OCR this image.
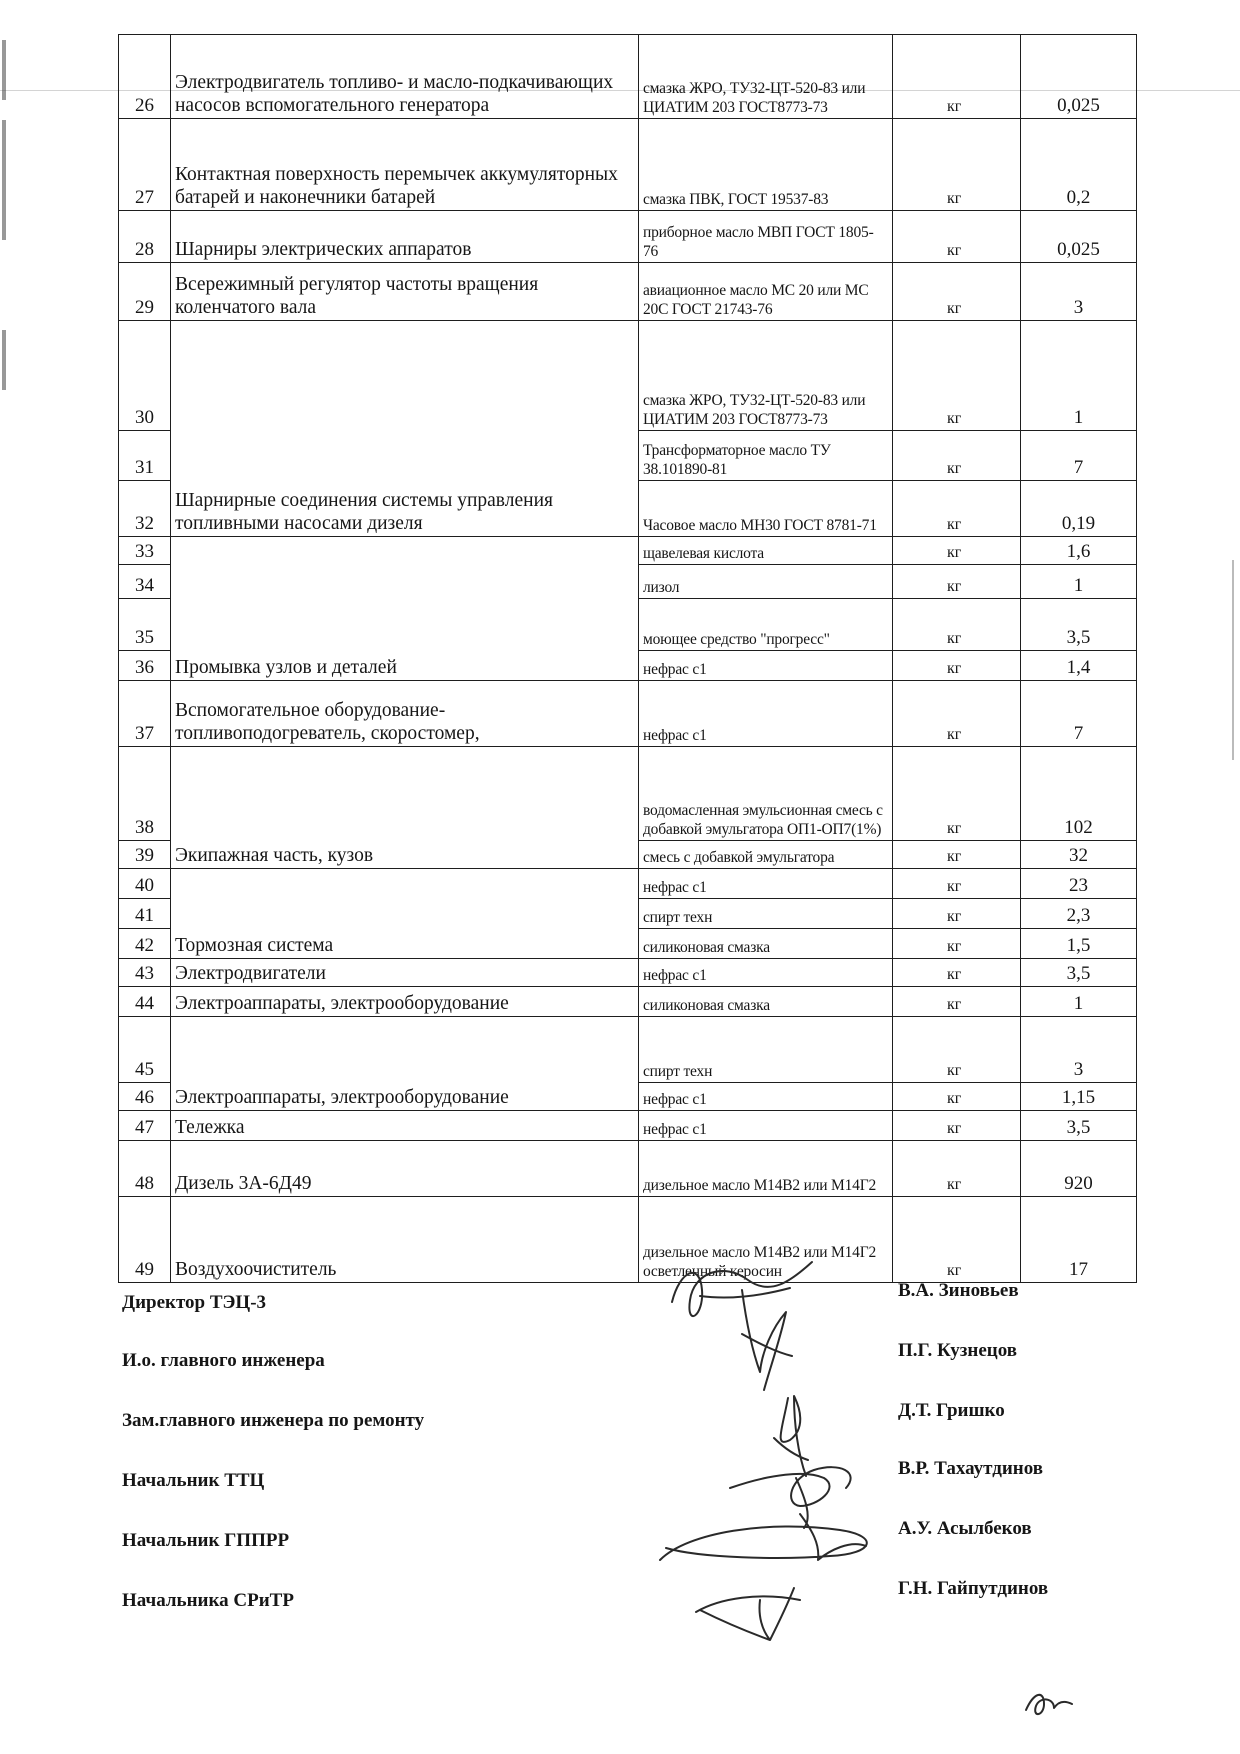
26	Электродвигатель топливо- и масло-подкачивающих насосов вспомогательного генератора	смазка ЖРО, ТУ32-ЦТ-520-83 или ЦИАТИМ 203 ГОСТ8773-73	кг	0,025
27	Контактная поверхность перемычек аккумуляторных батарей и наконечники батарей	смазка ПВК, ГОСТ 19537-83	кг	0,2
28	Шарниры электрических аппаратов	приборное масло МВП ГОСТ 1805-76	кг	0,025
29	Всережимный регулятор частоты вращения коленчатого вала	авиационное масло МС 20 или МС 20С ГОСТ 21743-76	кг	3
30	Шарнирные соединения системы управления топливными насосами дизеля	смазка ЖРО, ТУ32-ЦТ-520-83 или ЦИАТИМ 203 ГОСТ8773-73	кг	1
31		Трансформаторное масло ТУ 38.101890-81	кг	7
32		Часовое масло МН30 ГОСТ 8781-71	кг	0,19
33	Промывка узлов и деталей	щавелевая кислота	кг	1,6
34		лизол	кг	1
35		моющее средство "прогресс"	кг	3,5
36		нефрас с1	кг	1,4
37	Вспомогательное оборудование-топливоподогреватель, скоростомер,	нефрас с1	кг	7
38	Экипажная часть, кузов	водомасленная эмульсионная смесь с добавкой эмульгатора ОП1-ОП7(1%)	кг	102
39		смесь с добавкой эмульгатора	кг	32
40	Тормозная система	нефрас с1	кг	23
41		спирт техн	кг	2,3
42		силиконовая смазка	кг	1,5
43	Электродвигатели	нефрас с1	кг	3,5
44	Электроаппараты, электрооборудование	силиконовая смазка	кг	1
45	Электроаппараты, электрооборудование	спирт техн	кг	3
46		нефрас с1	кг	1,15
47	Тележка	нефрас с1	кг	3,5
48	Дизель 3А-6Д49	дизельное масло М14В2 или М14Г2	кг	920
49	Воздухоочиститель	дизельное масло М14В2 или М14Г2 осветленный керосин	кг	17
Директор ТЭЦ-3
И.о. главного инженера
Зам.главного инженера по ремонту
Начальник ТТЦ
Начальник ГППРР
Начальника СРиТР
В.А. Зиновьев
П.Г. Кузнецов
Д.Т. Гришко
В.Р. Тахаутдинов
А.У. Асылбеков
Г.Н. Гайпутдинов
